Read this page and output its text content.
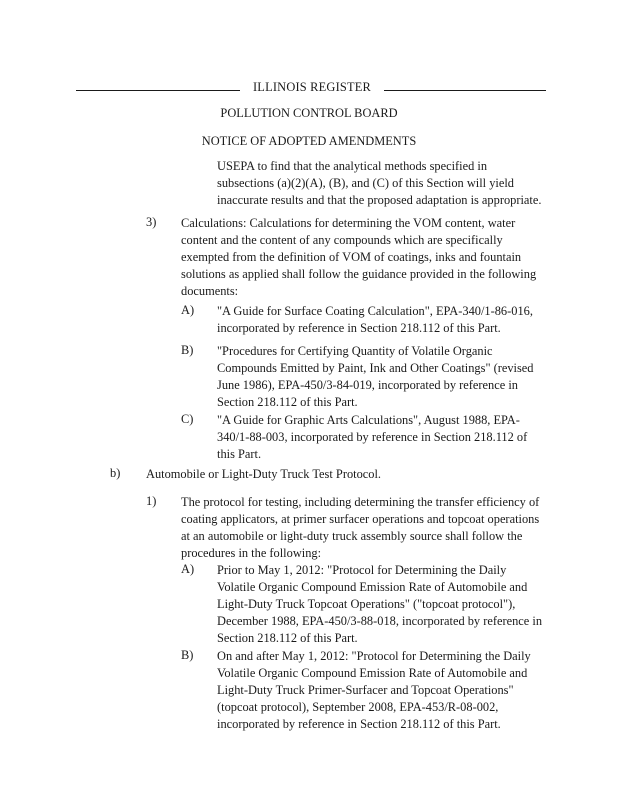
ILLINOIS REGISTER
POLLUTION CONTROL BOARD
NOTICE OF ADOPTED AMENDMENTS
USEPA to find that the analytical methods specified in subsections (a)(2)(A), (B), and (C) of this Section will yield inaccurate results and that the proposed adaptation is appropriate.
3) Calculations: Calculations for determining the VOM content, water content and the content of any compounds which are specifically exempted from the definition of VOM of coatings, inks and fountain solutions as applied shall follow the guidance provided in the following documents:
A) "A Guide for Surface Coating Calculation", EPA-340/1-86-016, incorporated by reference in Section 218.112 of this Part.
B) "Procedures for Certifying Quantity of Volatile Organic Compounds Emitted by Paint, Ink and Other Coatings" (revised June 1986), EPA-450/3-84-019, incorporated by reference in Section 218.112 of this Part.
C) "A Guide for Graphic Arts Calculations", August 1988, EPA-340/1-88-003, incorporated by reference in Section 218.112 of this Part.
b) Automobile or Light-Duty Truck Test Protocol.
1) The protocol for testing, including determining the transfer efficiency of coating applicators, at primer surfacer operations and topcoat operations at an automobile or light-duty truck assembly source shall follow the procedures in the following:
A) Prior to May 1, 2012: "Protocol for Determining the Daily Volatile Organic Compound Emission Rate of Automobile and Light-Duty Truck Topcoat Operations" ("topcoat protocol"), December 1988, EPA-450/3-88-018, incorporated by reference in Section 218.112 of this Part.
B) On and after May 1, 2012: "Protocol for Determining the Daily Volatile Organic Compound Emission Rate of Automobile and Light-Duty Truck Primer-Surfacer and Topcoat Operations" (topcoat protocol), September 2008, EPA-453/R-08-002, incorporated by reference in Section 218.112 of this Part.
